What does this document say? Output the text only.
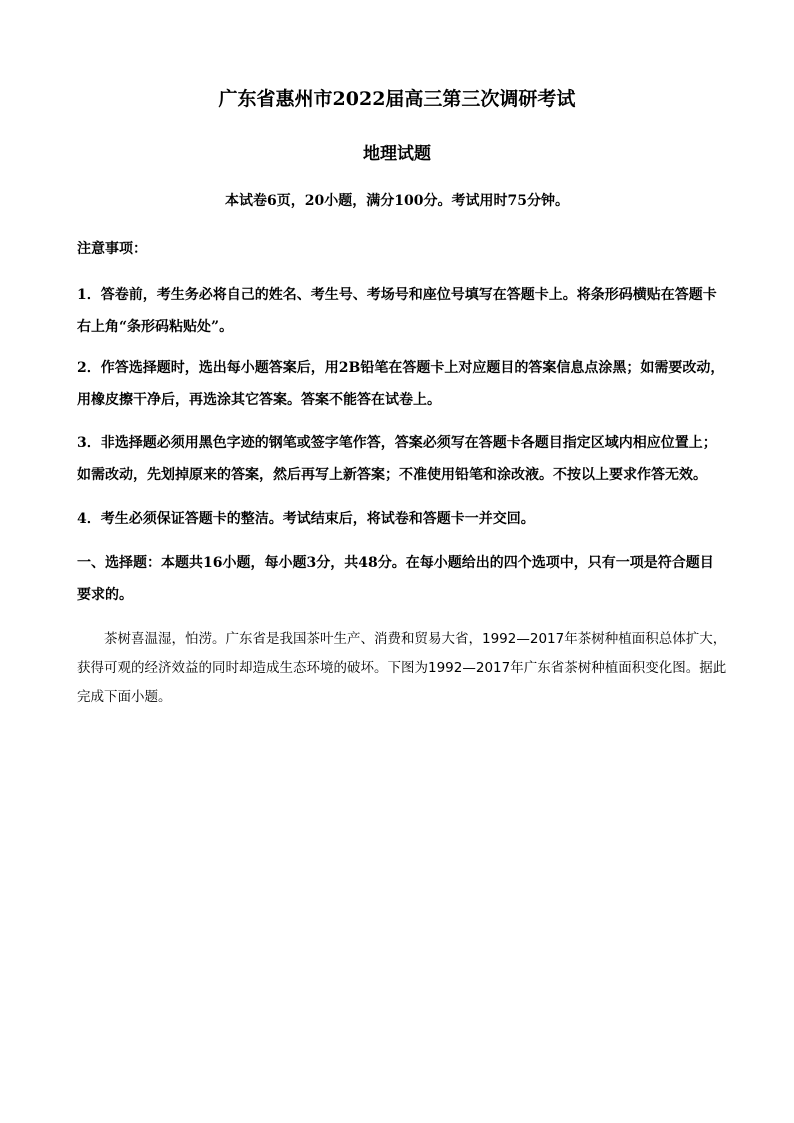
广东省惠州市2022届高三第三次调研考试
地理试题
本试卷6页，20小题，满分100分。考试用时75分钟。
注意事项：
1．答卷前，考生务必将自己的姓名、考生号、考场号和座位号填写在答题卡上。将条形码横贴在答题卡右上角“条形码粘贴处”。
2．作答选择题时，选出每小题答案后，用2B铅笔在答题卡上对应题目的答案信息点涂黑；如需要改动，用橡皮擦干净后，再选涂其它答案。答案不能答在试卷上。
3．非选择题必须用黑色字迹的钢笔或签字笔作答，答案必须写在答题卡各题目指定区域内相应位置上；如需改动，先划掉原来的答案，然后再写上新答案；不准使用铅笔和涂改液。不按以上要求作答无效。
4．考生必须保证答题卡的整洁。考试结束后，将试卷和答题卡一并交回。
一、选择题：本题共16小题，每小题3分，共48分。在每小题给出的四个选项中，只有一项是符合题目要求的。
茶树喜温湿，怕涝。广东省是我国茶叶生产、消费和贸易大省，1992—2017年茶树种植面积总体扩大，获得可观的经济效益的同时却造成生态环境的破坏。下图为1992—2017年广东省茶树种植面积变化图。据此完成下面小题。
